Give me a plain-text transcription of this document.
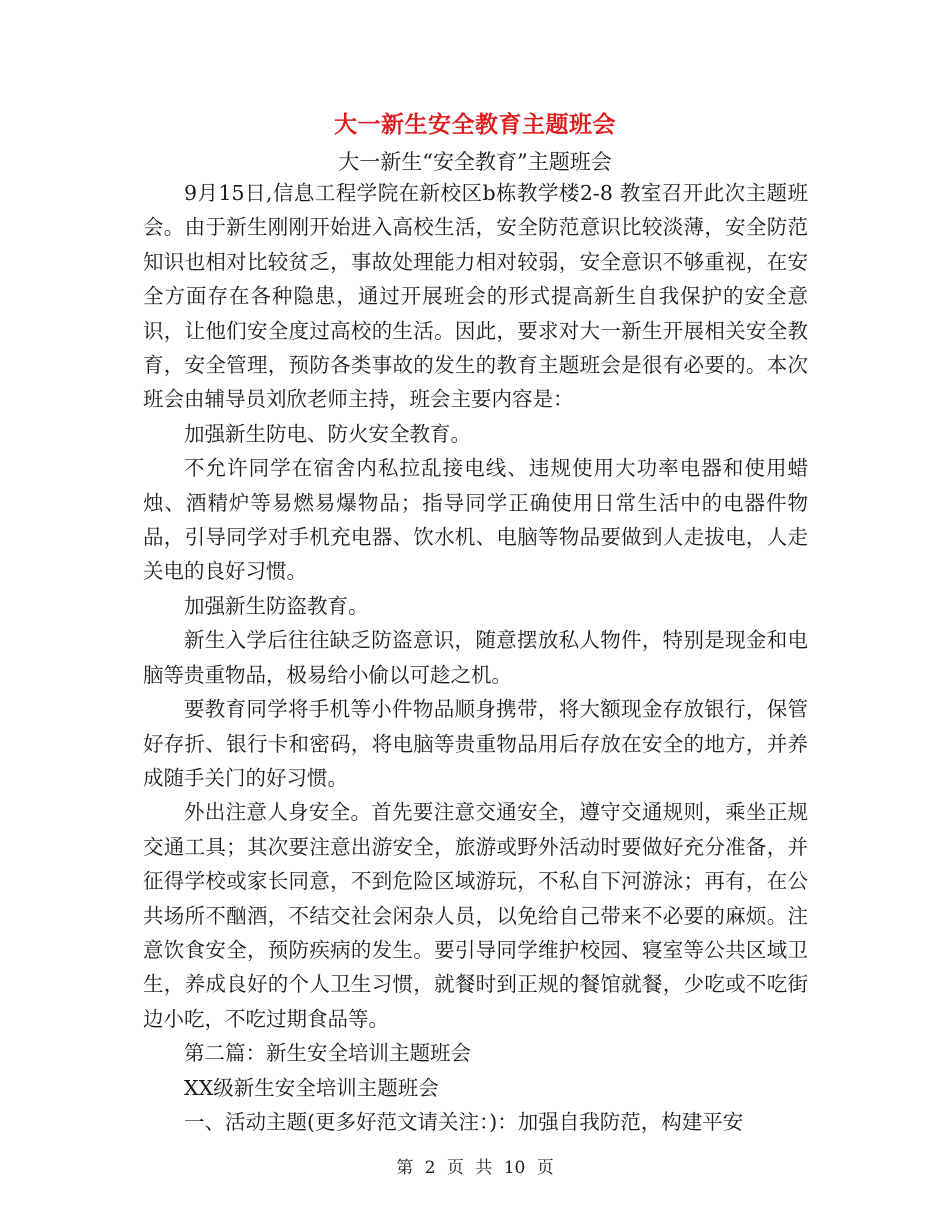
大一新生安全教育主题班会
大一新生“安全教育”主题班会

9月15日,信息工程学院在新校区b栋教学楼2-8 教室召开此次主题班会。由于新生刚刚开始进入高校生活，安全防范意识比较淡薄，安全防范知识也相对比较贫乏，事故处理能力相对较弱，安全意识不够重视，在安全方面存在各种隐患，通过开展班会的形式提高新生自我保护的安全意识，让他们安全度过高校的生活。因此，要求对大一新生开展相关安全教育，安全管理，预防各类事故的发生的教育主题班会是很有必要的。本次班会由辅导员刘欣老师主持，班会主要内容是：

加强新生防电、防火安全教育。

不允许同学在宿舍内私拉乱接电线、违规使用大功率电器和使用蜡烛、酒精炉等易燃易爆物品；指导同学正确使用日常生活中的电器件物品，引导同学对手机充电器、饮水机、电脑等物品要做到人走拔电，人走关电的良好习惯。

加强新生防盗教育。

新生入学后往往缺乏防盗意识，随意摆放私人物件，特别是现金和电脑等贵重物品，极易给小偷以可趁之机。

要教育同学将手机等小件物品顺身携带，将大额现金存放银行，保管好存折、银行卡和密码，将电脑等贵重物品用后存放在安全的地方，并养成随手关门的好习惯。

外出注意人身安全。首先要注意交通安全，遵守交通规则，乘坐正规交通工具；其次要注意出游安全，旅游或野外活动时要做好充分准备，并征得学校或家长同意，不到危险区域游玩，不私自下河游泳；再有，在公共场所不酗酒，不结交社会闲杂人员，以免给自己带来不必要的麻烦。注意饮食安全，预防疾病的发生。要引导同学维护校园、寝室等公共区域卫生，养成良好的个人卫生习惯，就餐时到正规的餐馆就餐，少吃或不吃街边小吃，不吃过期食品等。

第二篇：新生安全培训主题班会

XX级新生安全培训主题班会

一、活动主题(更多好范文请关注：)：加强自我防范，构建平安

第 2 页 共 10 页
